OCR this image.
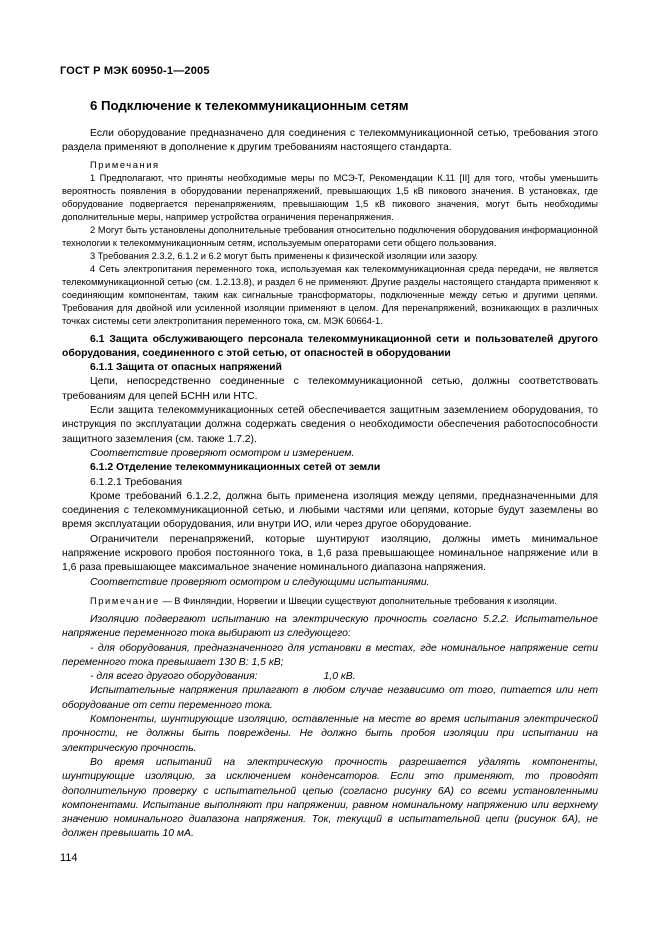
ГОСТ Р МЭК 60950-1—2005
6 Подключение к телекоммуникационным сетям

Если оборудование предназначено для соединения с телекоммуникационной сетью, требования этого раздела применяют в дополнение к другим требованиям настоящего стандарта.

Примечания

1 Предполагают, что приняты необходимые меры по МСЭ-Т, Рекомендации К.11 [II] для того, чтобы уменьшить вероятность появления в оборудовании перенапряжений, превышающих 1,5 кВ пикового значения. В установках, где оборудование подвергается перенапряжениям, превышающим 1,5 кВ пикового значения, могут быть необходимы дополнительные меры, например устройства ограничения перенапряжения.

2 Могут быть установлены дополнительные требования относительно подключения оборудования информационной технологии к телекоммуникационным сетям, используемым операторами сети общего пользования.

3 Требования 2.3.2, 6.1.2 и 6.2 могут быть применены к физической изоляции или зазору.

4 Сеть электропитания переменного тока, используемая как телекоммуникационная среда передачи, не является телекоммуникационной сетью (см. 1.2.13.8), и раздел 6 не применяют. Другие разделы настоящего стандарта применяют к соединяющим компонентам, таким как сигнальные трансформаторы, подключенные между сетью и другими цепями. Требования для двойной или усиленной изоляции применяют в целом. Для перенапряжений, возникающих в различных точках системы сети электропитания переменного тока, см. МЭК 60664-1.

6.1 Защита обслуживающего персонала телекоммуникационной сети и пользователей другого оборудования, соединенного с этой сетью, от опасностей в оборудовании

6.1.1 Защита от опасных напряжений

Цепи, непосредственно соединенные с телекоммуникационной сетью, должны соответствовать требованиям для цепей БСНН или НТС.

Если защита телекоммуникационных сетей обеспечивается защитным заземлением оборудования, то инструкция по эксплуатации должна содержать сведения о необходимости обеспечения работоспособности защитного заземления (см. также 1.7.2).

Соответствие проверяют осмотром и измерением.

6.1.2 Отделение телекоммуникационных сетей от земли

6.1.2.1 Требования

Кроме требований 6.1.2.2, должна быть применена изоляция между цепями, предназначенными для соединения с телекоммуникационной сетью, и любыми частями или цепями, которые будут заземлены во время эксплуатации оборудования, или внутри ИО, или через другое оборудование.

Ограничители перенапряжений, которые шунтируют изоляцию, должны иметь минимальное напряжение искрового пробоя постоянного тока, в 1,6 раза превышающее номинальное напряжение или в 1,6 раза превышающее максимальное значение номинального диапазона напряжения.

Соответствие проверяют осмотром и следующими испытаниями.

Примечание — В Финляндии, Норвегии и Швеции существуют дополнительные требования к изоляции.

Изоляцию подвергают испытанию на электрическую прочность согласно 5.2.2. Испытательное напряжение переменного тока выбирают из следующего:

- для оборудования, предназначенного для установки в местах, где номинальное напряжение сети переменного тока превышает 130 В: 1,5 кВ;

- для всего другого оборудования:	1,0 кВ.

Испытательные напряжения прилагают в любом случае независимо от того, питается или нет оборудование от сети переменного тока.

Компоненты, шунтирующие изоляцию, оставленные на месте во время испытания электрической прочности, не должны быть повреждены. Не должно быть пробоя изоляции при испытании на электрическую прочность.

Во время испытаний на электрическую прочность разрешается удалять компоненты, шунтирующие изоляцию, за исключением конденсаторов. Если это применяют, то проводят дополнительную проверку с испытательной цепью (согласно рисунку 6А) со всеми установленными компонентами. Испытание выполняют при напряжении, равном номинальному напряжению или верхнему значению номинального диапазона напряжения. Ток, текущий в испытательной цепи (рисунок 6А), не должен превышать 10 мА.

114
